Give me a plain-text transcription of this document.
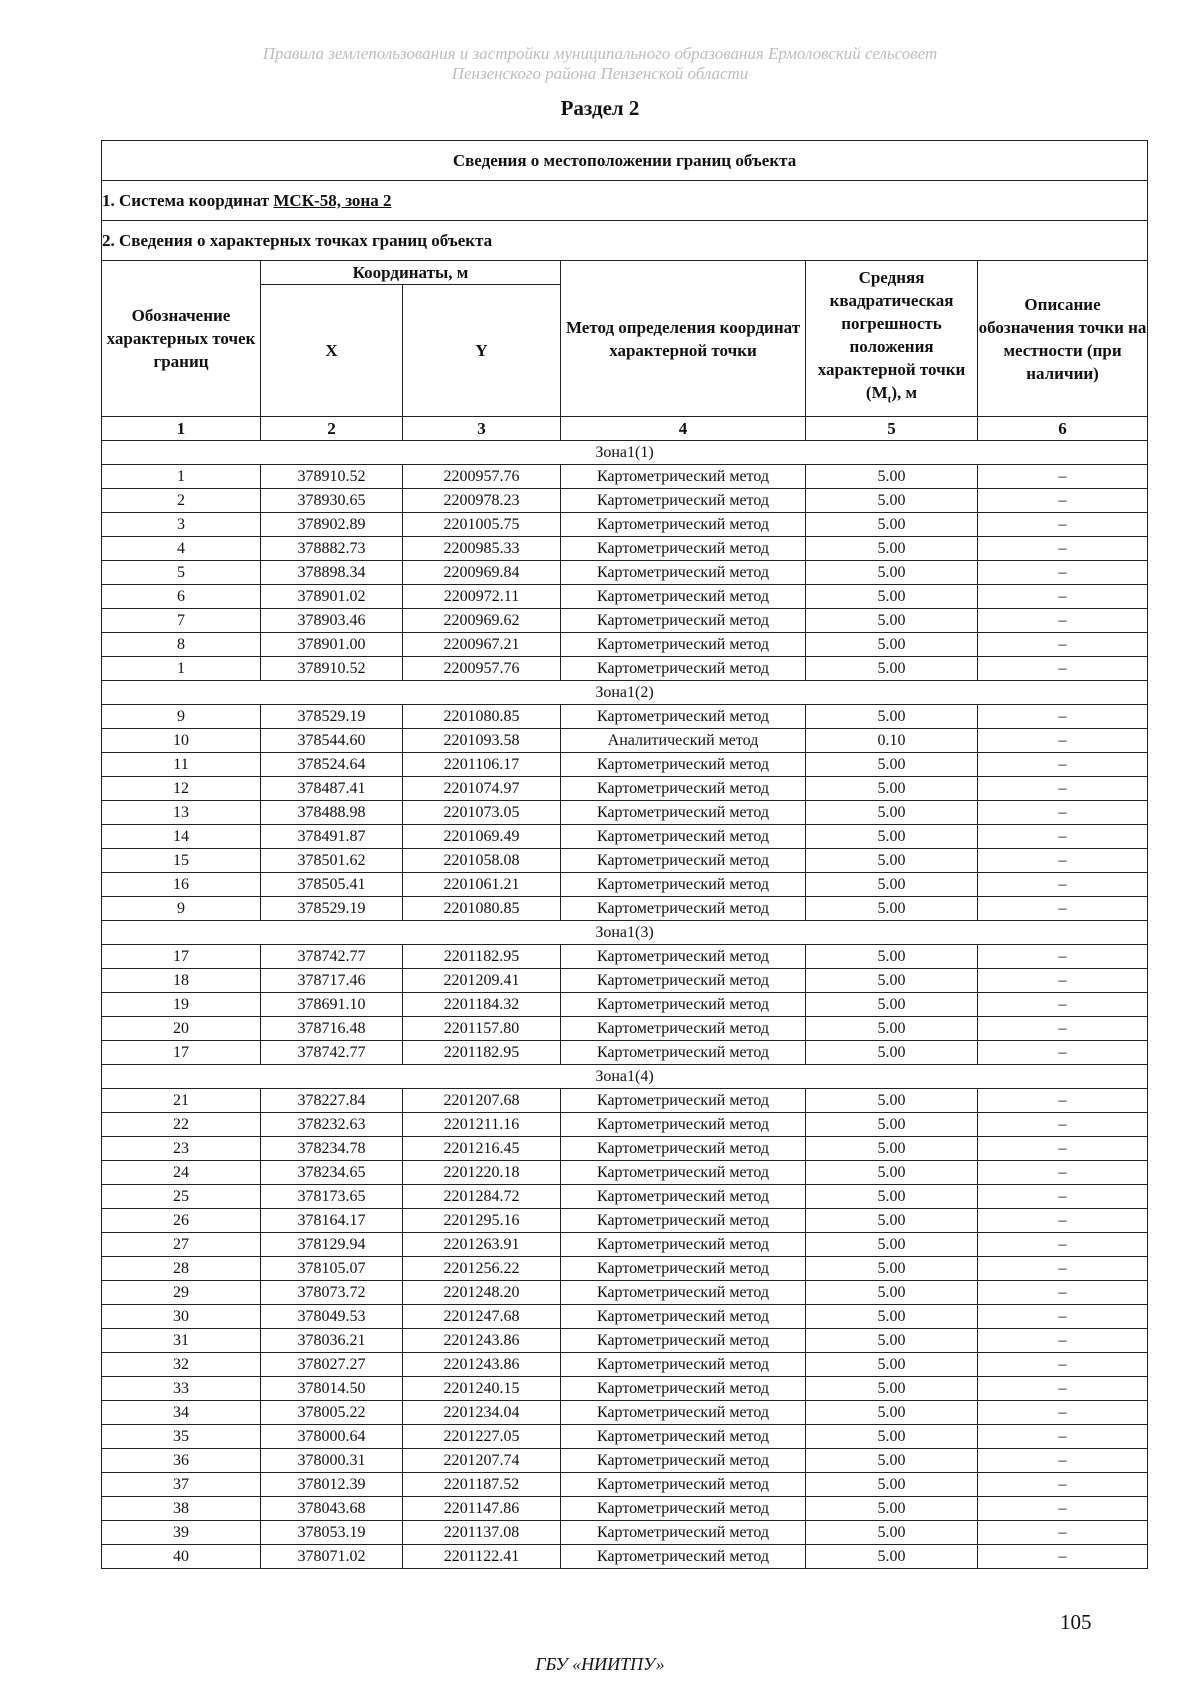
Правила землепользования и застройки муниципального образования Ермоловский сельсовет
Пензенского района Пензенской области
Раздел 2
Сведения о местоположении границ объекта					
1. Система координат МСК-58, зона 2					
2. Сведения о характерных точках границ объекта					
Обозначение характерных точек границ	Координаты, м		Метод определения координат характерной точки	Средняя квадратическая погрешность положения характерной точки $(M_t)$, м	Описание обозначения точки на местности (при наличии)
	X	Y			
1	2	3	4	5	6
Зона1(1)					
1	378910.52	2200957.76	Картометрический метод	5.00	–
2	378930.65	2200978.23	Картометрический метод	5.00	–
3	378902.89	2201005.75	Картометрический метод	5.00	–
4	378882.73	2200985.33	Картометрический метод	5.00	–
5	378898.34	2200969.84	Картометрический метод	5.00	–
6	378901.02	2200972.11	Картометрический метод	5.00	–
7	378903.46	2200969.62	Картометрический метод	5.00	–
8	378901.00	2200967.21	Картометрический метод	5.00	–
1	378910.52	2200957.76	Картометрический метод	5.00	–
Зона1(2)					
9	378529.19	2201080.85	Картометрический метод	5.00	–
10	378544.60	2201093.58	Аналитический метод	0.10	–
11	378524.64	2201106.17	Картометрический метод	5.00	–
12	378487.41	2201074.97	Картометрический метод	5.00	–
13	378488.98	2201073.05	Картометрический метод	5.00	–
14	378491.87	2201069.49	Картометрический метод	5.00	–
15	378501.62	2201058.08	Картометрический метод	5.00	–
16	378505.41	2201061.21	Картометрический метод	5.00	–
9	378529.19	2201080.85	Картометрический метод	5.00	–
Зона1(3)					
17	378742.77	2201182.95	Картометрический метод	5.00	–
18	378717.46	2201209.41	Картометрический метод	5.00	–
19	378691.10	2201184.32	Картометрический метод	5.00	–
20	378716.48	2201157.80	Картометрический метод	5.00	–
17	378742.77	2201182.95	Картометрический метод	5.00	–
Зона1(4)					
21	378227.84	2201207.68	Картометрический метод	5.00	–
22	378232.63	2201211.16	Картометрический метод	5.00	–
23	378234.78	2201216.45	Картометрический метод	5.00	–
24	378234.65	2201220.18	Картометрический метод	5.00	–
25	378173.65	2201284.72	Картометрический метод	5.00	–
26	378164.17	2201295.16	Картометрический метод	5.00	–
27	378129.94	2201263.91	Картометрический метод	5.00	–
28	378105.07	2201256.22	Картометрический метод	5.00	–
29	378073.72	2201248.20	Картометрический метод	5.00	–
30	378049.53	2201247.68	Картометрический метод	5.00	–
31	378036.21	2201243.86	Картометрический метод	5.00	–
32	378027.27	2201243.86	Картометрический метод	5.00	–
33	378014.50	2201240.15	Картометрический метод	5.00	–
34	378005.22	2201234.04	Картометрический метод	5.00	–
35	378000.64	2201227.05	Картометрический метод	5.00	–
36	378000.31	2201207.74	Картометрический метод	5.00	–
37	378012.39	2201187.52	Картометрический метод	5.00	–
38	378043.68	2201147.86	Картометрический метод	5.00	–
39	378053.19	2201137.08	Картометрический метод	5.00	–
40	378071.02	2201122.41	Картометрический метод	5.00	–
105
ГБУ «НИИТПУ»
